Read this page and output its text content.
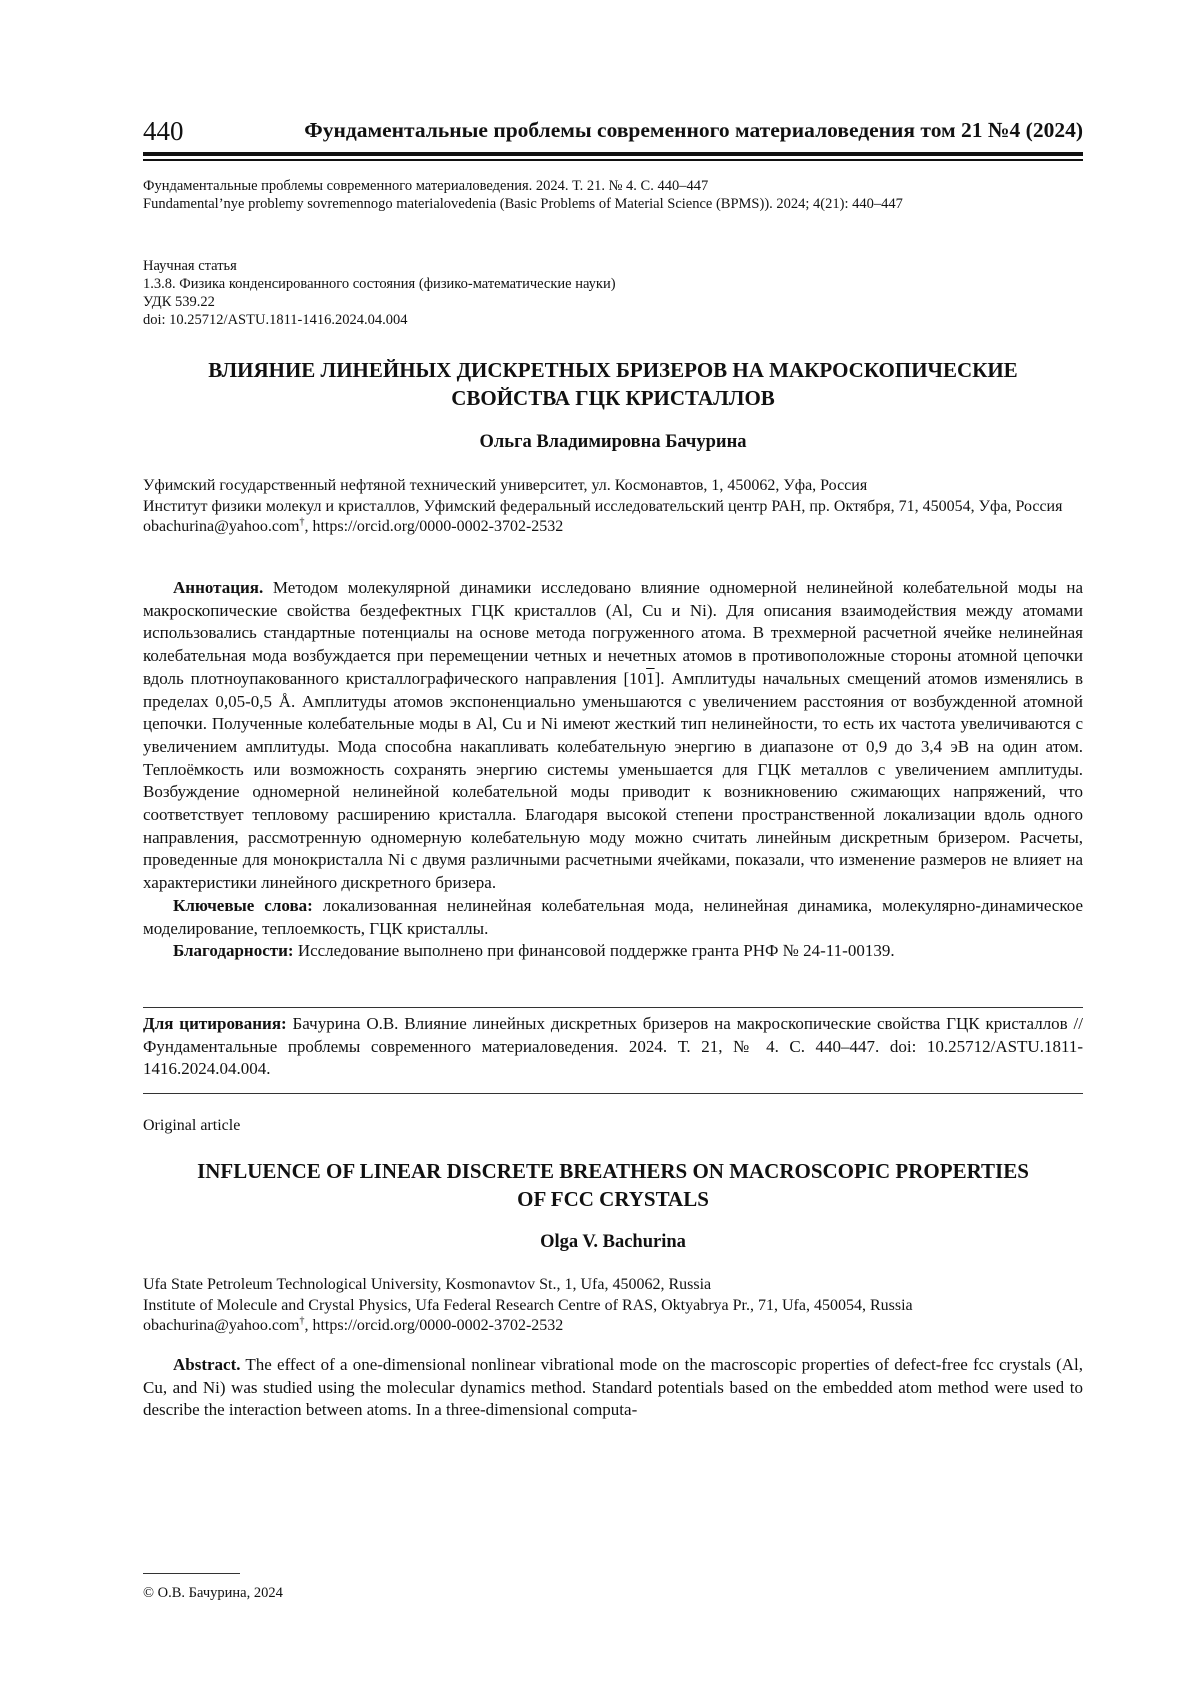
440	Фундаментальные проблемы современного материаловедения том 21 №4 (2024)
Фундаментальные проблемы современного материаловедения. 2024. Т. 21. № 4. С. 440–447
Fundamental’nye problemy sovremennogo materialovedenia (Basic Problems of Material Science (BPMS)). 2024; 4(21): 440–447
Научная статья
1.3.8. Физика конденсированного состояния (физико-математические науки)
УДК 539.22
doi: 10.25712/ASTU.1811-1416.2024.04.004
ВЛИЯНИЕ ЛИНЕЙНЫХ ДИСКРЕТНЫХ БРИЗЕРОВ НА МАКРОСКОПИЧЕСКИЕ
СВОЙСТВА ГЦК КРИСТАЛЛОВ
Ольга Владимировна Бачурина
Уфимский государственный нефтяной технический университет, ул. Космонавтов, 1, 450062, Уфа, Россия
Институт физики молекул и кристаллов, Уфимский федеральный исследовательский центр РАН, пр. Октября, 71, 450054, Уфа, Россия
obachurina@yahoo.com†, https://orcid.org/0000-0002-3702-2532
Аннотация. Методом молекулярной динамики исследовано влияние одномерной нелинейной колебательной моды на макроскопические свойства бездефектных ГЦК кристаллов (Al, Cu и Ni). Для описания взаимодействия между атомами использовались стандартные потенциалы на основе метода погруженного атома. В трехмерной расчетной ячейке нелинейная колебательная мода возбуждается при перемещении четных и нечетных атомов в противоположные стороны атомной цепочки вдоль плотноупакованного кристаллографического направления [101]. Амплитуды начальных смещений атомов изменялись в пределах 0,05-0,5 Å. Амплитуды атомов экспоненциально уменьшаются с увеличением расстояния от возбужденной атомной цепочки. Полученные колебательные моды в Al, Cu и Ni имеют жесткий тип нелинейности, то есть их частота увеличиваются с увеличением амплитуды. Мода способна накапливать колебательную энергию в диапазоне от 0,9 до 3,4 эВ на один атом. Теплоёмкость или возможность сохранять энергию системы уменьшается для ГЦК металлов с увеличением амплитуды. Возбуждение одномерной нелинейной колебательной моды приводит к возникновению сжимающих напряжений, что соответствует тепловому расширению кристалла. Благодаря высокой степени пространственной локализации вдоль одного направления, рассмотренную одномерную колебательную моду можно считать линейным дискретным бризером. Расчеты, проведенные для монокристалла Ni с двумя различными расчетными ячейками, показали, что изменение размеров не влияет на характеристики линейного дискретного бризера.
Ключевые слова: локализованная нелинейная колебательная мода, нелинейная динамика, молекулярно-динамическое моделирование, теплоемкость, ГЦК кристаллы.
Благодарности: Исследование выполнено при финансовой поддержке гранта РНФ № 24-11-00139.
Для цитирования: Бачурина О.В. Влияние линейных дискретных бризеров на макроскопические свойства ГЦК кристаллов // Фундаментальные проблемы современного материаловедения. 2024. Т. 21, № 4. С. 440–447. doi: 10.25712/ASTU.1811-1416.2024.04.004.
Original article
INFLUENCE OF LINEAR DISCRETE BREATHERS ON MACROSCOPIC PROPERTIES
OF FCC CRYSTALS
Olga V. Bachurina
Ufa State Petroleum Technological University, Kosmonavtov St., 1, Ufa, 450062, Russia
Institute of Molecule and Crystal Physics, Ufa Federal Research Centre of RAS, Oktyabrya Pr., 71, Ufa, 450054, Russia
obachurina@yahoo.com†, https://orcid.org/0000-0002-3702-2532
Abstract. The effect of a one-dimensional nonlinear vibrational mode on the macroscopic properties of defect-free fcc crystals (Al, Cu, and Ni) was studied using the molecular dynamics method. Standard potentials based on the embedded atom method were used to describe the interaction between atoms. In a three-dimensional computa-
© О.В. Бачурина, 2024
